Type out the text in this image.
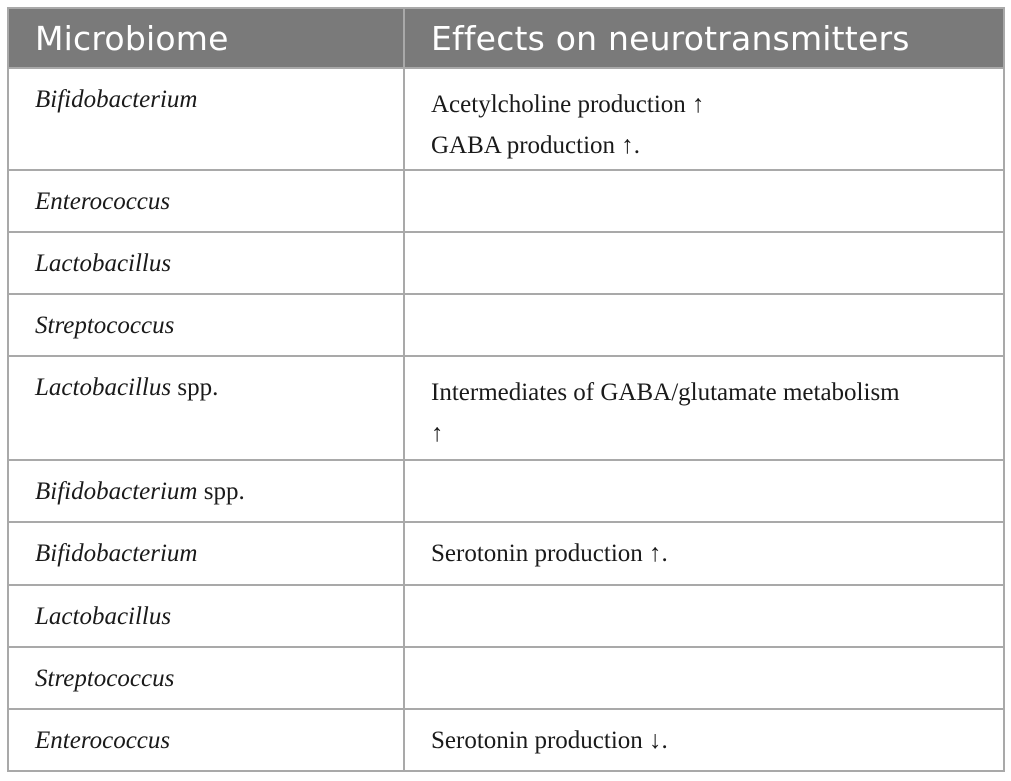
Microbiome	Effects on neurotransmitters
Bifidobacterium	Acetylcholine production ↑
GABA production ↑.

Enterococcus	
Lactobacillus	
Streptococcus	
Lactobacillus spp.	Intermediates of GABA/glutamate metabolism
↑

Bifidobacterium spp.	
Bifidobacterium	Serotonin production ↑.

Lactobacillus	
Streptococcus	
Enterococcus	Serotonin production ↓.
